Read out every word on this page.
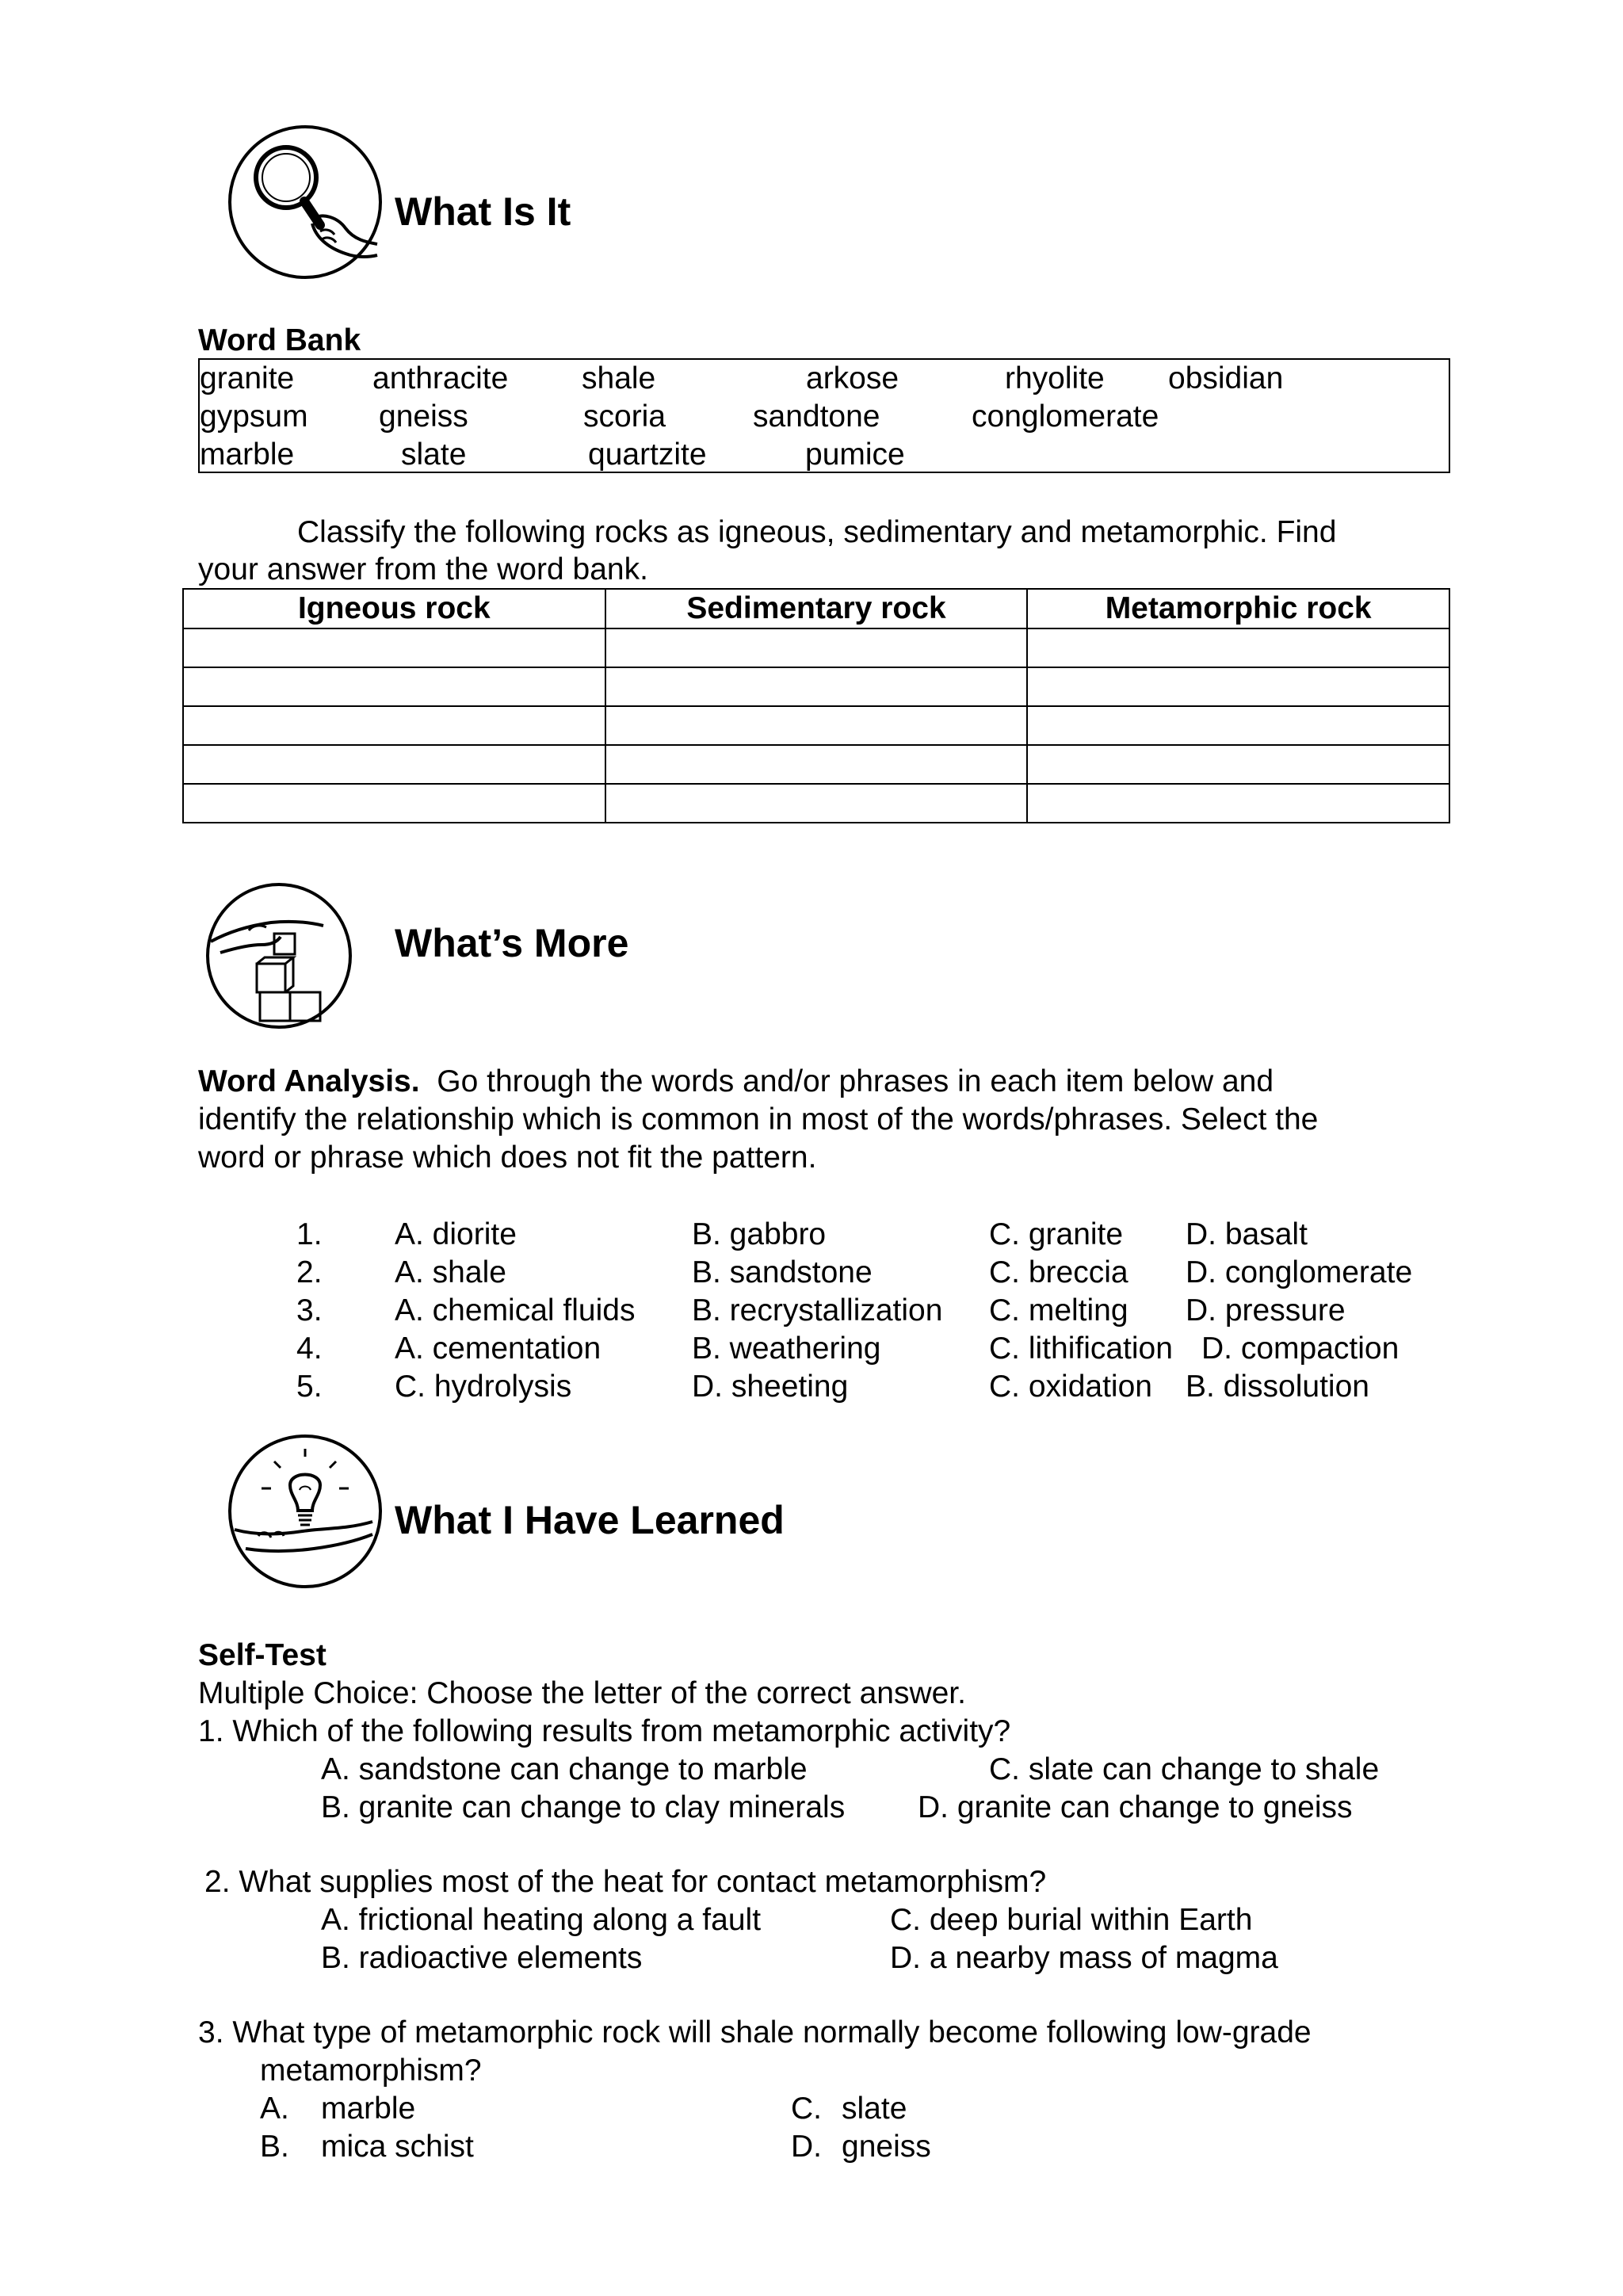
What Is It
Word Bank
granite	anthracite shale	arkose	rhyolite obsidian
gypsum gneiss	scoria	sandtone	conglomerate
marble	slate	quartzite	pumice
Classify the following rocks as igneous, sedimentary and metamorphic. Find
your answer from the word bank.
Igneous rock	Sedimentary rock	Metamorphic rock

What’s More
Word Analysis. Go through the words and/or phrases in each item below and
identify the relationship which is common in most of the words/phrases. Select the
word or phrase which does not fit the pattern.
1. A. diorite	B. gabbro	C. granite D. basalt
2. A. shale	B. sandstone	C. breccia D. conglomerate
3. A. chemical fluids B. recrystallization C. melting D. pressure
4. A. cementation	B. weathering	C. lithification D. compaction
5. C. hydrolysis	D. sheeting	C. oxidation B. dissolution
What I Have Learned
Self-Test
Multiple Choice: Choose the letter of the correct answer.
1. Which of the following results from metamorphic activity?
A. sandstone can change to marble	C. slate can change to shale
B. granite can change to clay minerals D. granite can change to gneiss
2. What supplies most of the heat for contact metamorphism?
A. frictional heating along a fault	C. deep burial within Earth
B. radioactive elements	D. a nearby mass of magma
3. What type of metamorphic rock will shale normally become following low-grade
metamorphism?
A. marble	C. slate
B. mica schist	D. gneiss
